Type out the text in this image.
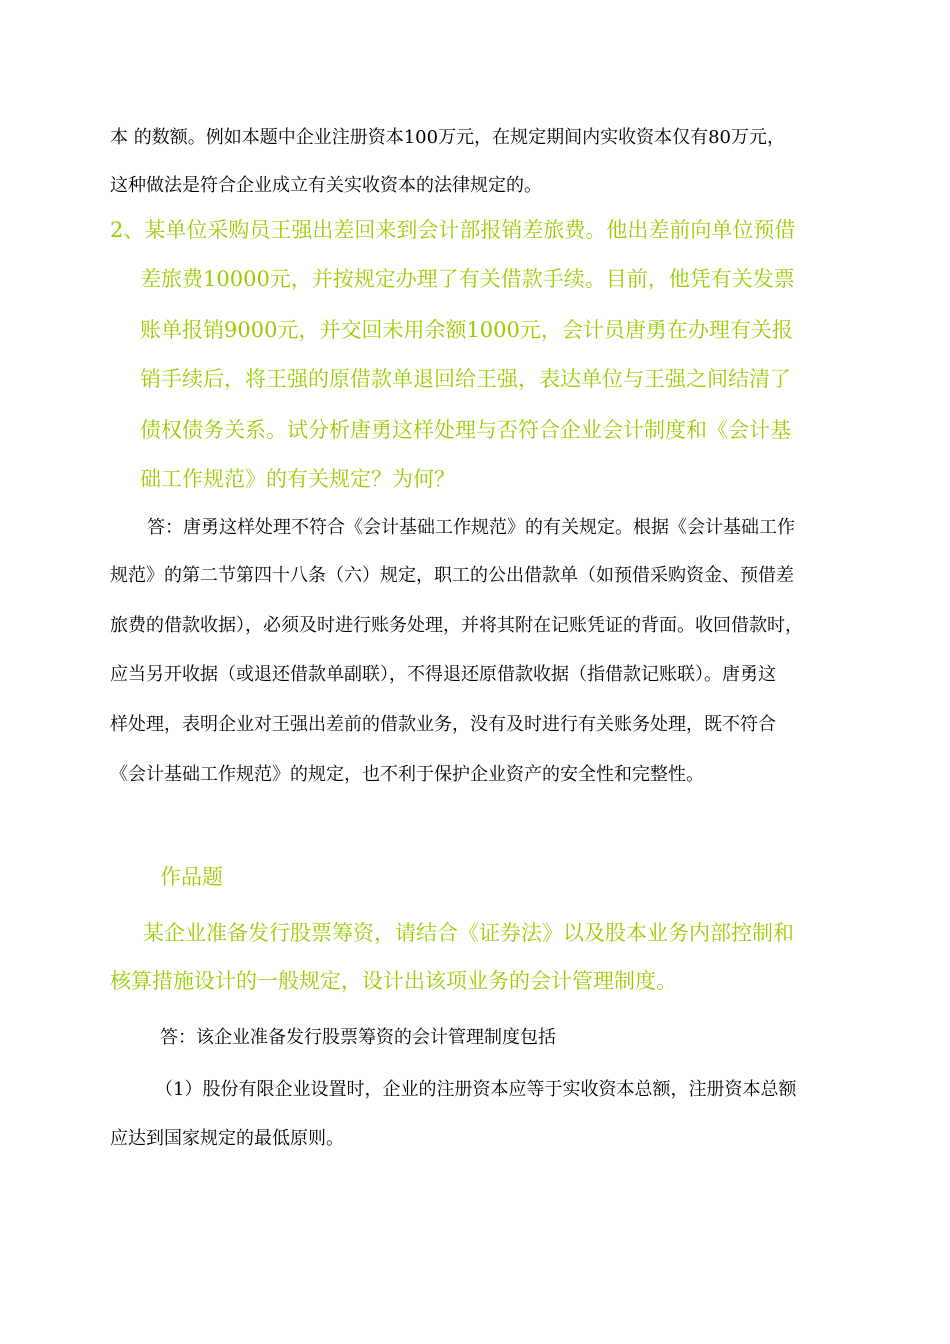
本 的数额。例如本题中企业注册资本100万元，在规定期间内实收资本仅有80万元，
这种做法是符合企业成立有关实收资本的法律规定的。
2、某单位采购员王强出差回来到会计部报销差旅费。他出差前向单位预借
差旅费10000元，并按规定办理了有关借款手续。目前，他凭有关发票
账单报销9000元，并交回未用余额1000元，会计员唐勇在办理有关报
销手续后，将王强的原借款单退回给王强，表达单位与王强之间结清了
债权债务关系。试分析唐勇这样处理与否符合企业会计制度和《会计基
础工作规范》的有关规定？为何？
答：唐勇这样处理不符合《会计基础工作规范》的有关规定。根据《会计基础工作
规范》的第二节第四十八条（六）规定，职工的公出借款单（如预借采购资金、预借差
旅费的借款收据），必须及时进行账务处理，并将其附在记账凭证的背面。收回借款时，
应当另开收据（或退还借款单副联），不得退还原借款收据（指借款记账联）。唐勇这
样处理，表明企业对王强出差前的借款业务，没有及时进行有关账务处理，既不符合
《会计基础工作规范》的规定，也不利于保护企业资产的安全性和完整性。
作品题
某企业准备发行股票筹资，请结合《证券法》以及股本业务内部控制和
核算措施设计的一般规定，设计出该项业务的会计管理制度。
答：该企业准备发行股票筹资的会计管理制度包括
（1）股份有限企业设置时，企业的注册资本应等于实收资本总额，注册资本总额
应达到国家规定的最低原则。
